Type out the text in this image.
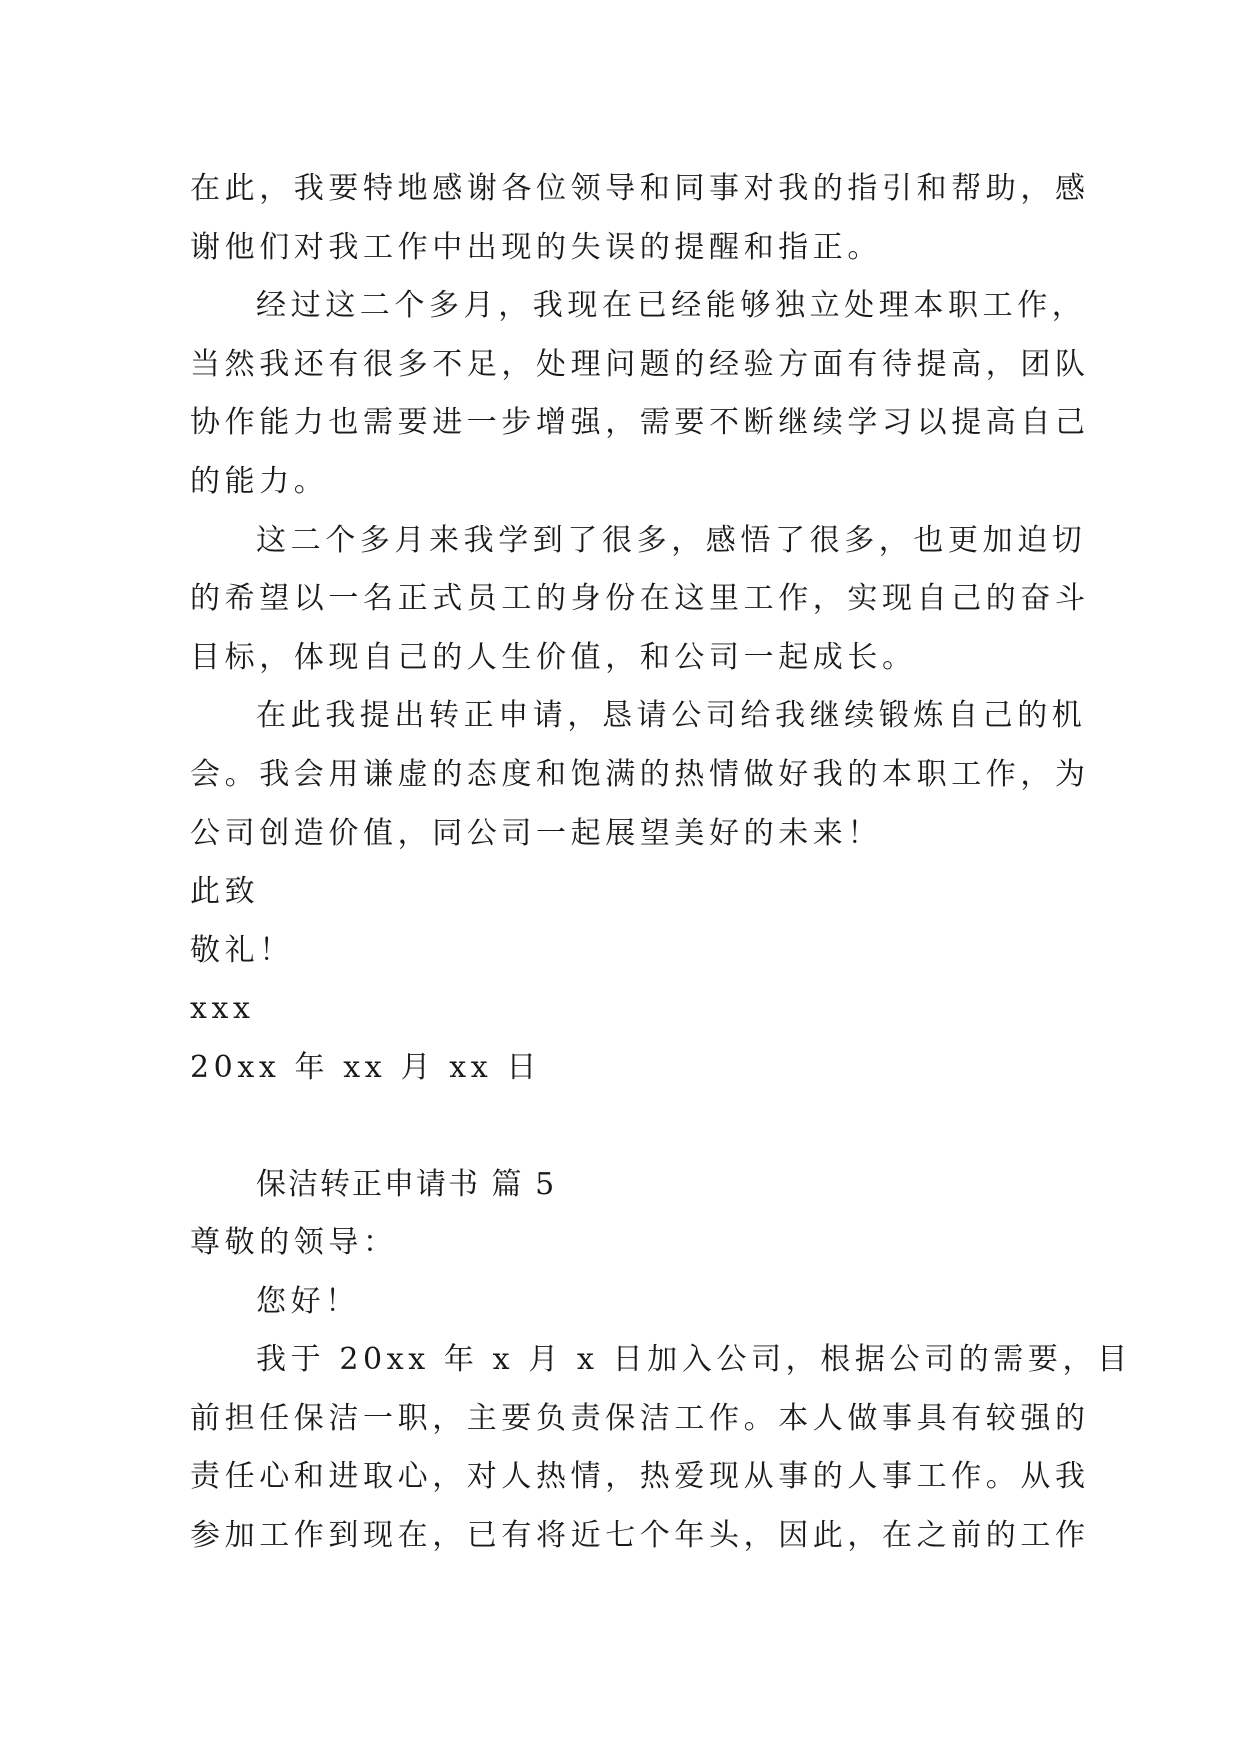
在此，我要特地感谢各位领导和同事对我的指引和帮助，感
谢他们对我工作中出现的失误的提醒和指正。
经过这二个多月，我现在已经能够独立处理本职工作，
当然我还有很多不足，处理问题的经验方面有待提高，团队
协作能力也需要进一步增强，需要不断继续学习以提高自己
的能力。
这二个多月来我学到了很多，感悟了很多，也更加迫切
的希望以一名正式员工的身份在这里工作，实现自己的奋斗
目标，体现自己的人生价值，和公司一起成长。
在此我提出转正申请，恳请公司给我继续锻炼自己的机
会。我会用谦虚的态度和饱满的热情做好我的本职工作，为
公司创造价值，同公司一起展望美好的未来！
此致
敬礼！
xxx
20xx 年 xx 月 xx 日
保洁转正申请书 篇 5
尊敬的领导：
您好！
我于 20xx 年 x 月 x 日加入公司，根据公司的需要，目
前担任保洁一职，主要负责保洁工作。本人做事具有较强的
责任心和进取心，对人热情，热爱现从事的人事工作。从我
参加工作到现在，已有将近七个年头，因此，在之前的工作
